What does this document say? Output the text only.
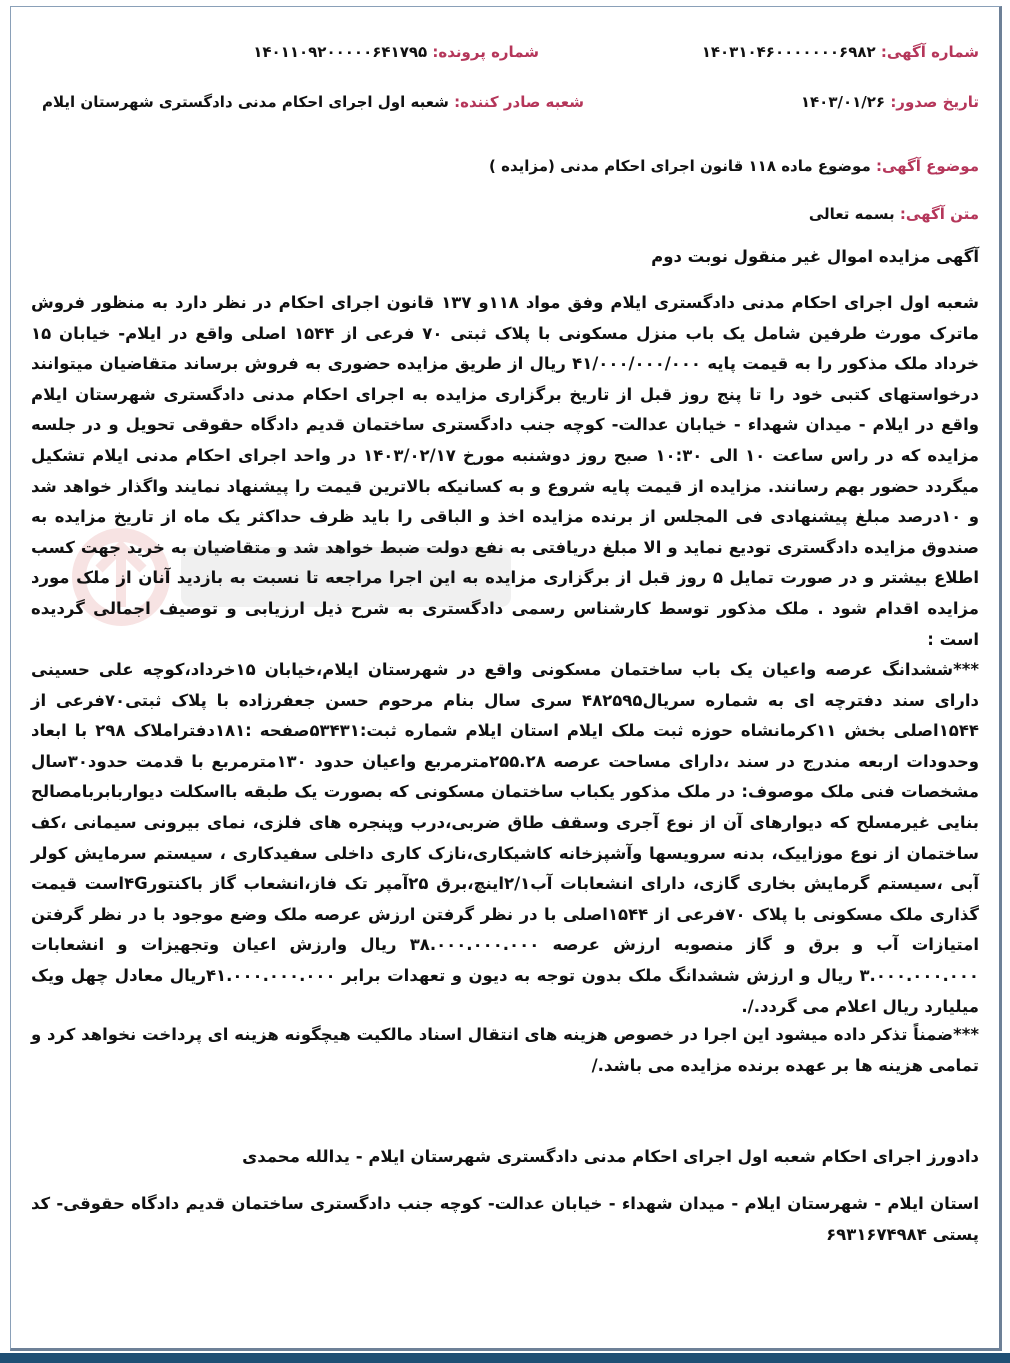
شماره آگهی: ۱۴۰۳۱۰۴۶۰۰۰۰۰۰۰۶۹۸۲
شماره پرونده: ۱۴۰۱۱۰۹۲۰۰۰۰۰۶۴۱۷۹۵
تاریخ صدور: ۱۴۰۳/۰۱/۲۶
شعبه صادر کننده: شعبه اول اجرای احکام مدنی دادگستری شهرستان ایلام
موضوع آگهی: موضوع ماده ۱۱۸ قانون اجرای احکام مدنی (مزایده )
متن آگهی: بسمه تعالی
آگهی مزایده اموال غیر منقول نوبت دوم
شعبه اول اجرای احکام مدنی دادگستری ایلام وفق مواد ۱۱۸و ۱۳۷ قانون اجرای احکام در نظر دارد به منظور فروش ماترک مورث طرفین شامل یک باب منزل مسکونی با پلاک ثبتی ۷۰ فرعی از ۱۵۴۴ اصلی واقع در ایلام- خیابان ۱۵ خرداد ملک مذکور را به قیمت پایه ۴۱/۰۰۰/۰۰۰/۰۰۰ ریال از طریق مزایده حضوری به فروش برساند متقاضیان میتوانند درخواستهای کتبی خود را تا پنج روز قبل از تاریخ برگزاری مزایده به اجرای احکام مدنی دادگستری شهرستان ایلام واقع در ایلام - میدان شهداء - خیابان عدالت- کوچه جنب دادگستری ساختمان قدیم دادگاه حقوقی تحویل و در جلسه مزایده که در راس ساعت ۱۰ الی ۱۰:۳۰ صبح روز دوشنبه مورخ ۱۴۰۳/۰۲/۱۷ در واحد اجرای احکام مدنی ایلام تشکیل میگردد حضور بهم رسانند. مزایده از قیمت پایه شروع و به کسانیکه بالاترین قیمت را پیشنهاد نمایند واگذار خواهد شد و ۱۰درصد مبلغ پیشنهادی فی المجلس از برنده مزایده اخذ و الباقی را باید ظرف حداکثر یک ماه از تاریخ مزایده به صندوق مزایده دادگستری تودیع نماید و الا مبلغ دریافتی به نفع دولت ضبط خواهد شد و متقاضیان به خرید جهت کسب اطلاع بیشتر و در صورت تمایل ۵ روز قبل از برگزاری مزایده به این اجرا مراجعه تا نسبت به بازدید آنان از ملک مورد مزایده اقدام شود . ملک مذکور توسط کارشناس رسمی دادگستری به شرح ذیل ارزیابی و توصیف اجمالی گردیده است :
***ششدانگ عرصه واعیان یک باب ساختمان مسکونی واقع در شهرستان ایلام،خیابان ۱۵خرداد،کوچه علی حسینی دارای سند دفترچه ای به شماره سریال۴۸۲۵۹۵ سری سال بنام مرحوم حسن جعفرزاده با پلاک ثبتی۷۰فرعی از ۱۵۴۴اصلی بخش ۱۱کرمانشاه حوزه ثبت ملک ایلام استان ایلام شماره ثبت:۵۳۴۳۱صفحه :۱۸۱دفتراملاک ۲۹۸ با ابعاد وحدودات اربعه مندرج در سند ،دارای مساحت عرصه ۲۵۵.۲۸مترمربع واعیان حدود ۱۳۰مترمربع با قدمت حدود۳۰سال مشخصات فنی ملک موصوف: در ملک مذکور یکباب ساختمان مسکونی که بصورت یک طبقه بااسکلت دیواربابربامصالح بنایی غیرمسلح که دیوارهای آن از نوع آجری وسقف طاق ضربی،درب وپنجره های فلزی، نمای بیرونی سیمانی ،کف ساختمان از نوع موزاییک، بدنه سرویسها وآشپزخانه کاشیکاری،نازک کاری داخلی سفیدکاری ، سیستم سرمایش کولر آبی ،سیستم گرمایش بخاری گازی، دارای انشعابات آب۲/۱اینچ،برق ۲۵آمپر تک فاز،انشعاب گاز باکنتور۴Gاست قیمت گذاری ملک مسکونی با پلاک ۷۰فرعی از ۱۵۴۴اصلی با در نظر گرفتن ارزش عرصه ملک وضع موجود با در نظر گرفتن امتیازات آب و برق و گاز منصوبه ارزش عرصه ۳۸.۰۰۰.۰۰۰.۰۰۰ ریال وارزش اعیان وتجهیزات و انشعابات ۳.۰۰۰.۰۰۰.۰۰۰ ریال و ارزش ششدانگ ملک بدون توجه به دیون و تعهدات برابر ۴۱.۰۰۰.۰۰۰.۰۰۰ریال معادل چهل ویک میلیارد ریال اعلام می گردد./.
***ضمناً تذکر داده میشود این اجرا در خصوص هزینه های انتقال اسناد مالکیت هیچگونه هزینه ای پرداخت نخواهد کرد و تمامی هزینه ها بر عهده برنده مزایده می باشد./
دادورز اجرای احکام شعبه اول اجرای احکام مدنی دادگستری شهرستان ایلام - یدالله محمدی
استان ایلام - شهرستان ایلام - میدان شهداء - خیابان عدالت- کوچه جنب دادگستری ساختمان قدیم دادگاه حقوقی- کد پستی ۶۹۳۱۶۷۴۹۸۴
